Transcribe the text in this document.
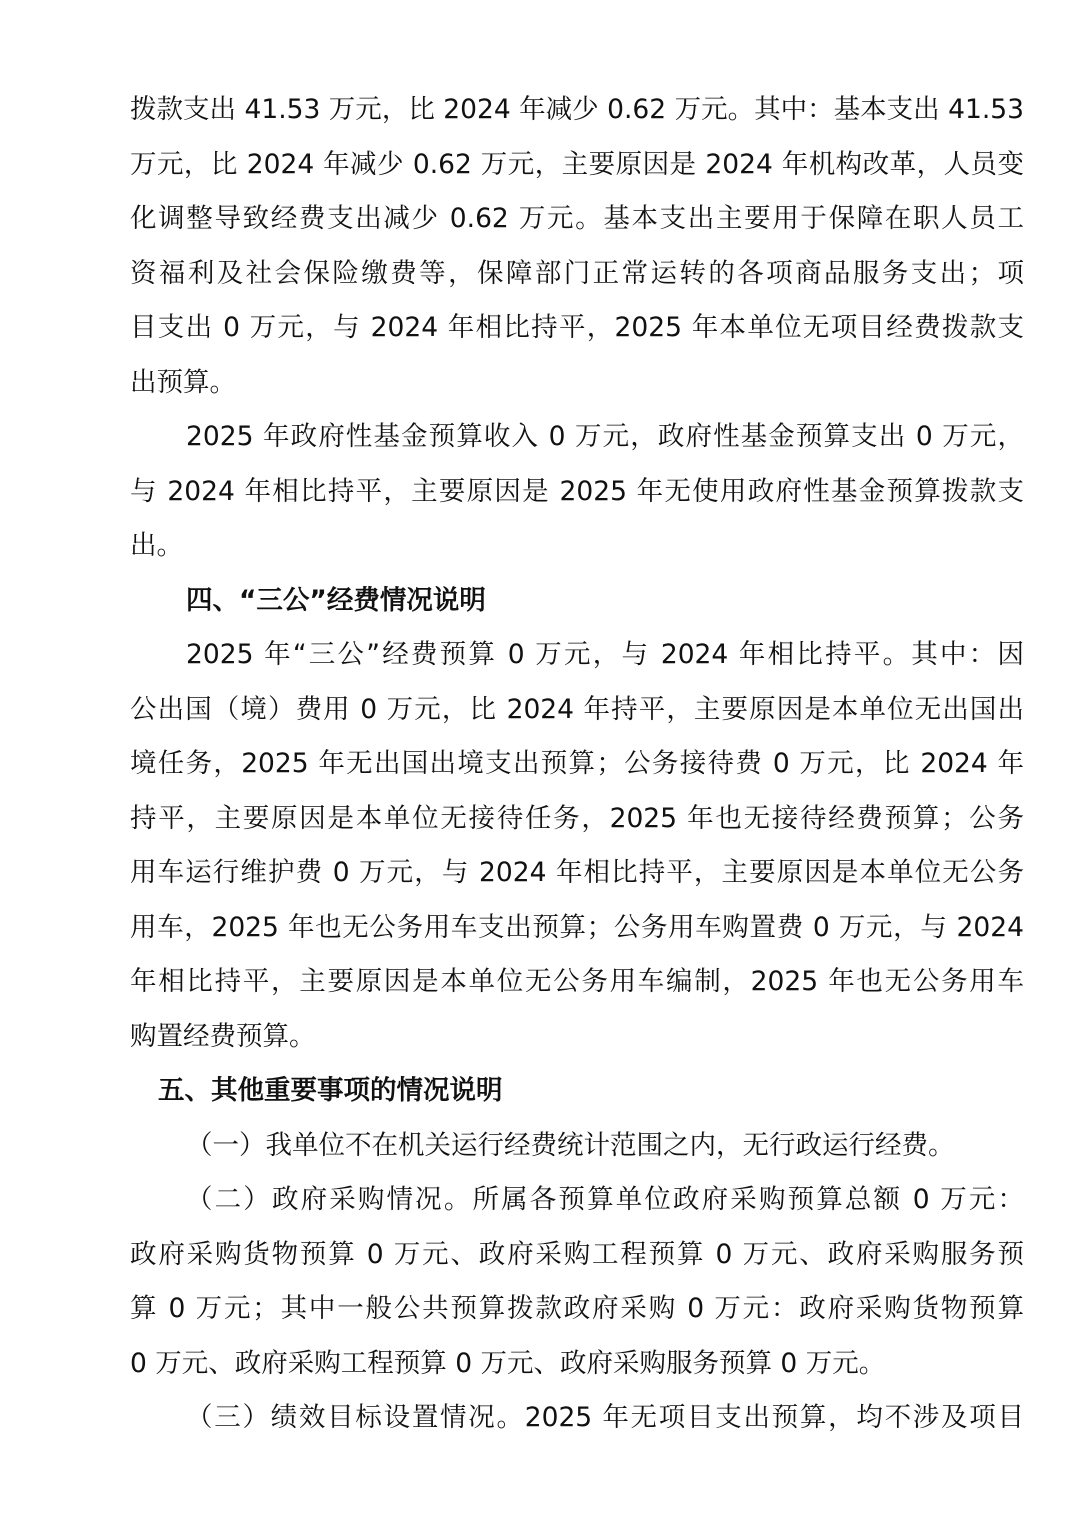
拨款支出 41.53 万元，比 2024 年减少 0.62 万元。其中：基本支出 41.53
万元，比 2024 年减少 0.62 万元，主要原因是 2024 年机构改革，人员变
化调整导致经费支出减少 0.62 万元。基本支出主要用于保障在职人员工
资福利及社会保险缴费等，保障部门正常运转的各项商品服务支出；项
目支出 0 万元，与 2024 年相比持平，2025 年本单位无项目经费拨款支
出预算。
2025 年政府性基金预算收入 0 万元，政府性基金预算支出 0 万元，
与 2024 年相比持平，主要原因是 2025 年无使用政府性基金预算拨款支
出。
四、“三公”经费情况说明
2025 年“三公”经费预算 0 万元，与 2024 年相比持平。其中：因
公出国（境）费用 0 万元，比 2024 年持平，主要原因是本单位无出国出
境任务，2025 年无出国出境支出预算；公务接待费 0 万元，比 2024 年
持平，主要原因是本单位无接待任务，2025 年也无接待经费预算；公务
用车运行维护费 0 万元，与 2024 年相比持平，主要原因是本单位无公务
用车，2025 年也无公务用车支出预算；公务用车购置费 0 万元，与 2024
年相比持平，主要原因是本单位无公务用车编制，2025 年也无公务用车
购置经费预算。
五、其他重要事项的情况说明
（一）我单位不在机关运行经费统计范围之内，无行政运行经费。
（二）政府采购情况。所属各预算单位政府采购预算总额 0 万元：
政府采购货物预算 0 万元、政府采购工程预算 0 万元、政府采购服务预
算 0 万元；其中一般公共预算拨款政府采购 0 万元：政府采购货物预算
0 万元、政府采购工程预算 0 万元、政府采购服务预算 0 万元。
（三）绩效目标设置情况。2025 年无项目支出预算，均不涉及项目
